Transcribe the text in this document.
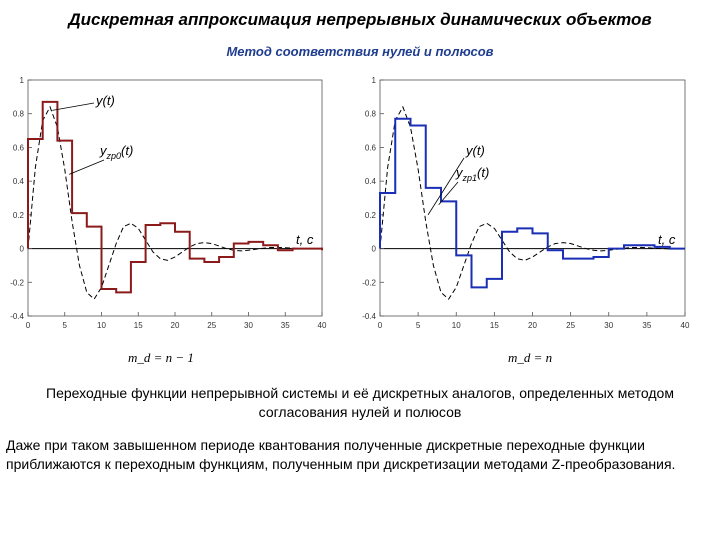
Дискретная аппроксимация непрерывных динамических объектов
Метод соответствия нулей и полюсов
0	5	10	15	20	25	30	35	40
-0.4
-0.2
0
0.2
0.4
0.6
0.8
1
y(t)
$y_{zp0}(t)$
t, c
0	5	10	15	20	25	30	35	40
-0.4
-0.2
0
0.2
0.4
0.6
0.8
1
y(t)
$y_{zp1}(t)$
t, c
m_d = n − 1	m_d = n
Переходные функции непрерывной системы и её дискретных аналогов, определенных методом согласования нулей и полюсов
Даже при таком завышенном периоде квантования полученные дискретные переходные функции приближаются к переходным функциям, полученным при дискретизации методами Z-преобразования.
